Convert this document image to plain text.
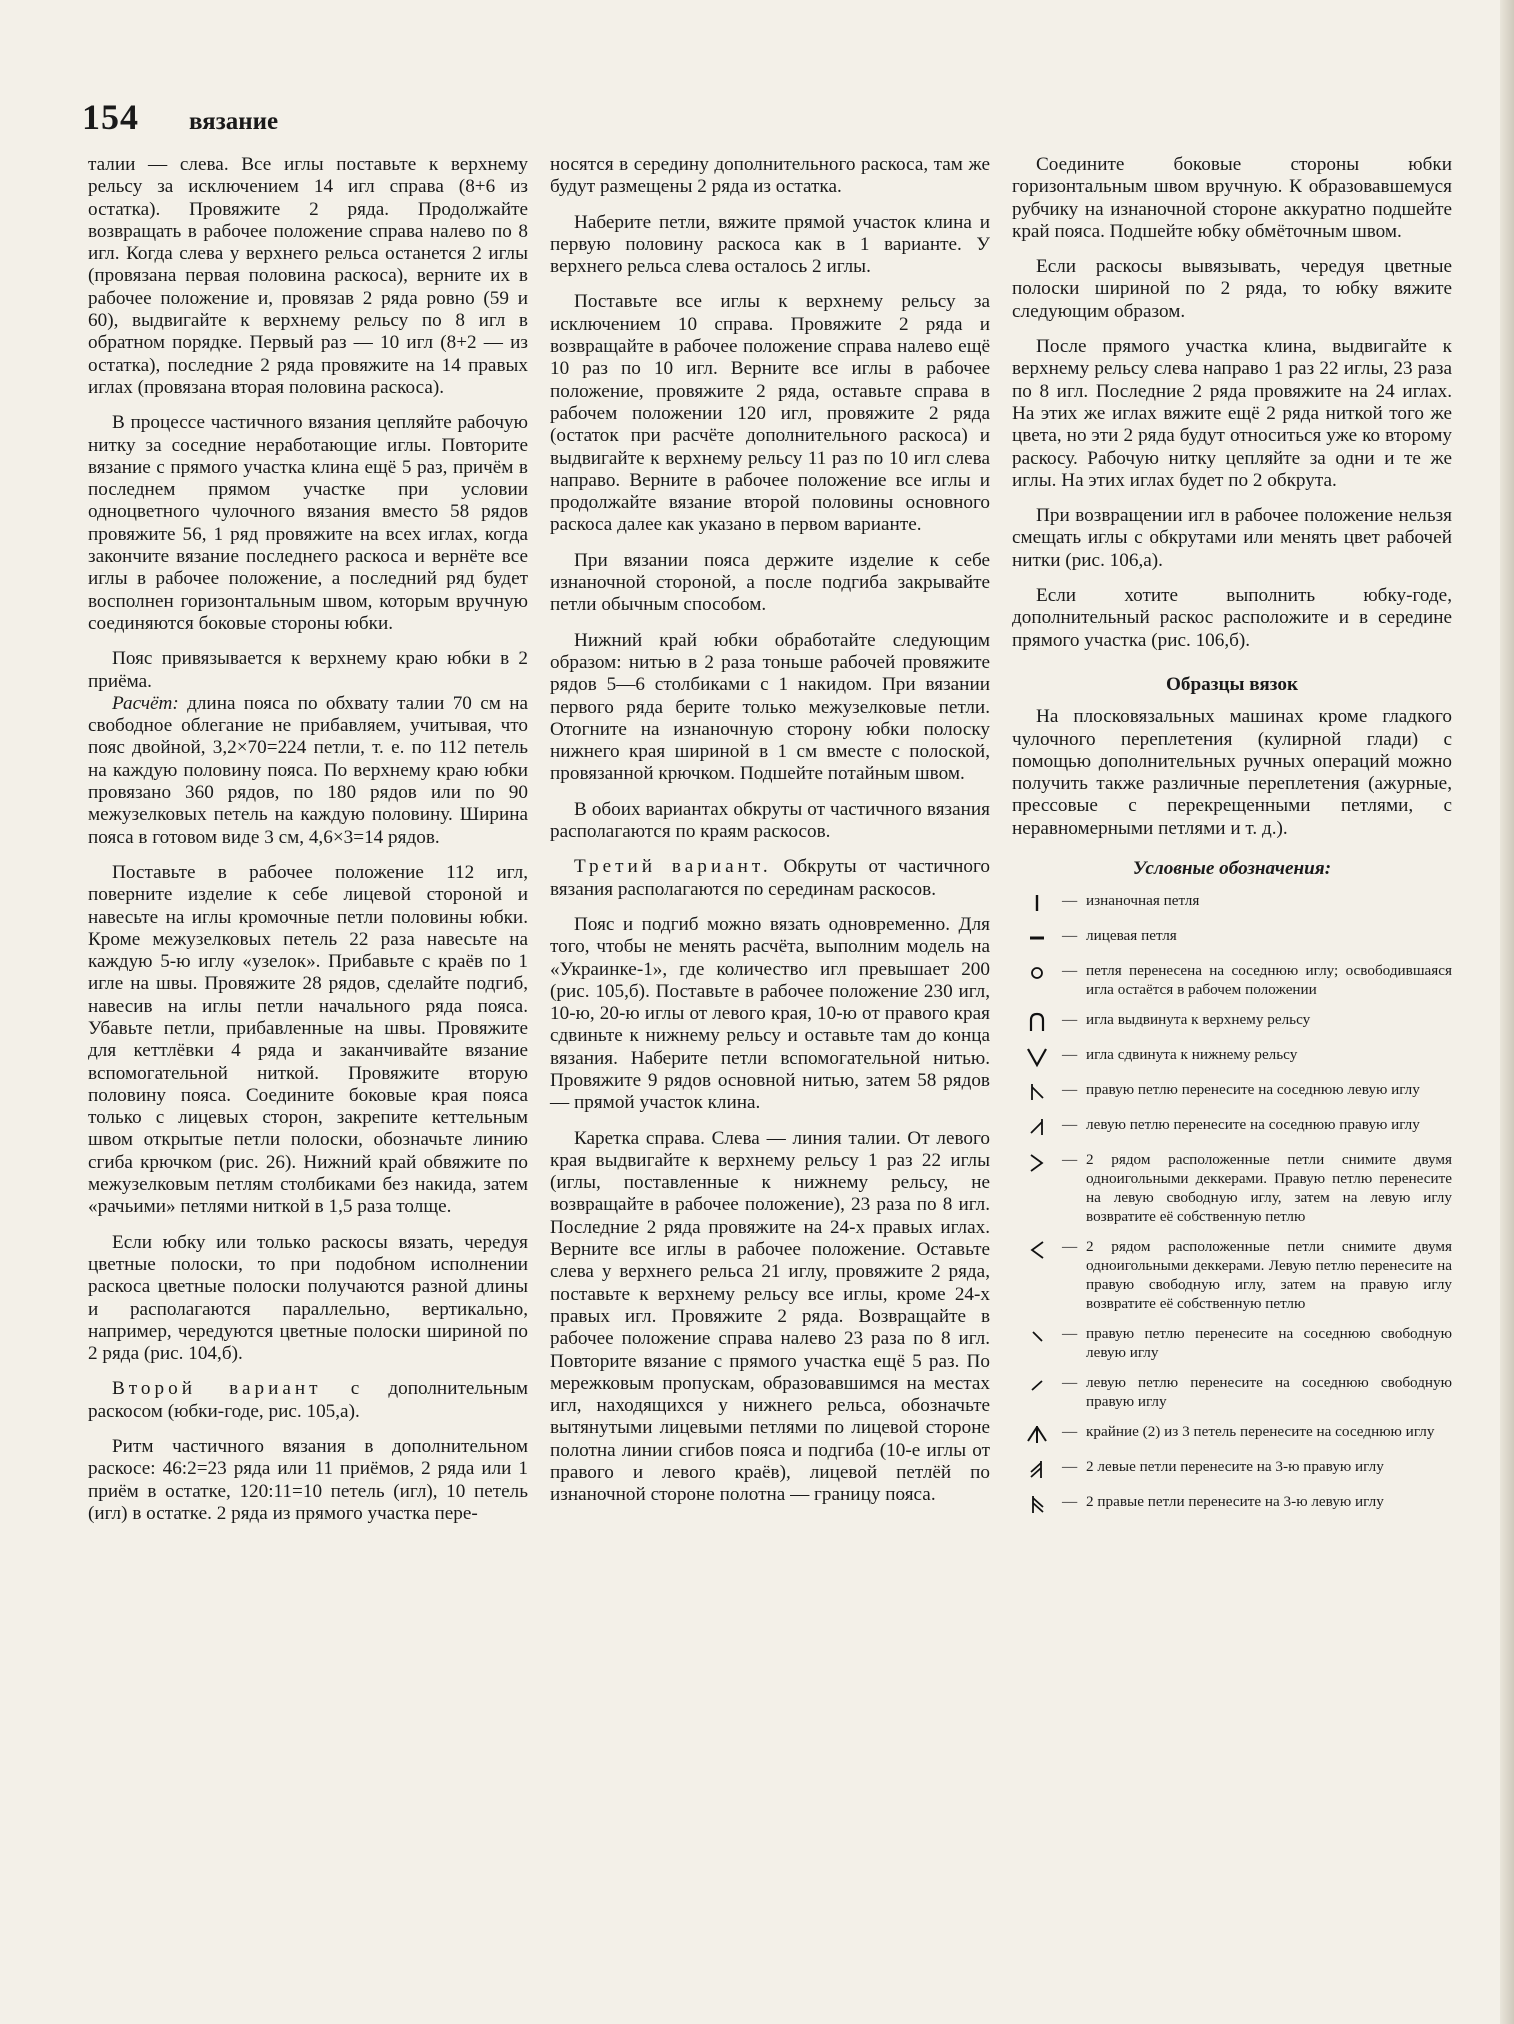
154 вязание

талии — слева. Все иглы поставьте к верхнему рельсу за исключением 14 игл справа (8+6 из остатка). Провяжите 2 ряда. Продолжайте возвращать в рабочее положение справа налево по 8 игл. Когда слева у верхнего рельса останется 2 иглы (провязана первая половина раскоса), верните их в рабочее положение и, провязав 2 ряда ровно (59 и 60), выдвигайте к верхнему рельсу по 8 игл в обратном порядке. Первый раз — 10 игл (8+2 — из остатка), последние 2 ряда провяжите на 14 правых иглах (провязана вторая половина раскоса).

В процессе частичного вязания цепляйте рабочую нитку за соседние неработающие иглы. Повторите вязание с прямого участка клина ещё 5 раз, причём в последнем прямом участке при условии одноцветного чулочного вязания вместо 58 рядов провяжите 56, 1 ряд провяжите на всех иглах, когда закончите вязание последнего раскоса и вернёте все иглы в рабочее положение, а последний ряд будет восполнен горизонтальным швом, которым вручную соединяются боковые стороны юбки.

Пояс привязывается к верхнему краю юбки в 2 приёма.

Расчёт: длина пояса по обхвату талии 70 см на свободное облегание не прибавляем, учитывая, что пояс двойной, 3,2×70=224 петли, т. е. по 112 петель на каждую половину пояса. По верхнему краю юбки провязано 360 рядов, по 180 рядов или по 90 межузелковых петель на каждую половину. Ширина пояса в готовом виде 3 см, 4,6×3=14 рядов.

Поставьте в рабочее положение 112 игл, поверните изделие к себе лицевой стороной и навесьте на иглы кромочные петли половины юбки. Кроме межузелковых петель 22 раза навесьте на каждую 5-ю иглу «узелок». Прибавьте с краёв по 1 игле на швы. Провяжите 28 рядов, сделайте подгиб, навесив на иглы петли начального ряда пояса. Убавьте петли, прибавленные на швы. Провяжите для кеттлёвки 4 ряда и заканчивайте вязание вспомогательной ниткой. Провяжите вторую половину пояса. Соедините боковые края пояса только с лицевых сторон, закрепите кеттельным швом открытые петли полоски, обозначьте линию сгиба крючком (рис. 26). Нижний край обвяжите по межузелковым петлям столбиками без накида, затем «рачьими» петлями ниткой в 1,5 раза толще.

Если юбку или только раскосы вязать, чередуя цветные полоски, то при подобном исполнении раскоса цветные полоски получаются разной длины и располагаются параллельно, вертикально, например, чередуются цветные полоски шириной по 2 ряда (рис. 104,б).

Второй вариант с дополнительным раскосом (юбки-годе, рис. 105,а).

Ритм частичного вязания в дополнительном раскосе: 46:2=23 ряда или 11 приёмов, 2 ряда или 1 приём в остатке, 120:11=10 петель (игл), 10 петель (игл) в остатке. 2 ряда из прямого участка пере-

носятся в середину дополнительного раскоса, там же будут размещены 2 ряда из остатка.

Наберите петли, вяжите прямой участок клина и первую половину раскоса как в 1 варианте. У верхнего рельса слева осталось 2 иглы.

Поставьте все иглы к верхнему рельсу за исключением 10 справа. Провяжите 2 ряда и возвращайте в рабочее положение справа налево ещё 10 раз по 10 игл. Верните все иглы в рабочее положение, провяжите 2 ряда, оставьте справа в рабочем положении 120 игл, провяжите 2 ряда (остаток при расчёте дополнительного раскоса) и выдвигайте к верхнему рельсу 11 раз по 10 игл слева направо. Верните в рабочее положение все иглы и продолжайте вязание второй половины основного раскоса далее как указано в первом варианте.

При вязании пояса держите изделие к себе изнаночной стороной, а после подгиба закрывайте петли обычным способом.

Нижний край юбки обработайте следующим образом: нитью в 2 раза тоньше рабочей провяжите рядов 5—6 столбиками с 1 накидом. При вязании первого ряда берите только межузелковые петли. Отогните на изнаночную сторону юбки полоску нижнего края шириной в 1 см вместе с полоской, провязанной крючком. Подшейте потайным швом.

В обоих вариантах обкруты от частичного вязания располагаются по краям раскосов.

Третий вариант. Обкруты от частичного вязания располагаются по серединам раскосов.

Пояс и подгиб можно вязать одновременно. Для того, чтобы не менять расчёта, выполним модель на «Украинке-1», где количество игл превышает 200 (рис. 105,б). Поставьте в рабочее положение 230 игл, 10-ю, 20-ю иглы от левого края, 10-ю от правого края сдвиньте к нижнему рельсу и оставьте там до конца вязания. Наберите петли вспомогательной нитью. Провяжите 9 рядов основной нитью, затем 58 рядов — прямой участок клина.

Каретка справа. Слева — линия талии. От левого края выдвигайте к верхнему рельсу 1 раз 22 иглы (иглы, поставленные к нижнему рельсу, не возвращайте в рабочее положение), 23 раза по 8 игл. Последние 2 ряда провяжите на 24-х правых иглах. Верните все иглы в рабочее положение. Оставьте слева у верхнего рельса 21 иглу, провяжите 2 ряда, поставьте к верхнему рельсу все иглы, кроме 24-х правых игл. Провяжите 2 ряда. Возвращайте в рабочее положение справа налево 23 раза по 8 игл. Повторите вязание с прямого участка ещё 5 раз. По мережковым пропускам, образовавшимся на местах игл, находящихся у нижнего рельса, обозначьте вытянутыми лицевыми петлями по лицевой стороне полотна линии сгибов пояса и подгиба (10-е иглы от правого и левого краёв), лицевой петлёй по изнаночной стороне полотна — границу пояса.

Соедините боковые стороны юбки горизонтальным швом вручную. К образовавшемуся рубчику на изнаночной стороне аккуратно подшейте край пояса. Подшейте юбку обмёточным швом.

Если раскосы вывязывать, чередуя цветные полоски шириной по 2 ряда, то юбку вяжите следующим образом.

После прямого участка клина, выдвигайте к верхнему рельсу слева направо 1 раз 22 иглы, 23 раза по 8 игл. Последние 2 ряда провяжите на 24 иглах. На этих же иглах вяжите ещё 2 ряда ниткой того же цвета, но эти 2 ряда будут относиться уже ко второму раскосу. Рабочую нитку цепляйте за одни и те же иглы. На этих иглах будет по 2 обкрута.

При возвращении игл в рабочее положение нельзя смещать иглы с обкрутами или менять цвет рабочей нитки (рис. 106,а).

Если хотите выполнить юбку-годе, дополнительный раскос расположите и в середине прямого участка (рис. 106,б).

Образцы вязок

На плосковязальных машинах кроме гладкого чулочного переплетения (кулирной глади) с помощью дополнительных ручных операций можно получить также различные переплетения (ажурные, прессовые с перекрещенными петлями, с неравномерными петлями и т. д.).

Условные обозначения:

— изнаночная петля
— лицевая петля
— петля перенесена на соседнюю иглу; освободившаяся игла остаётся в рабочем положении
— игла выдвинута к верхнему рельсу
— игла сдвинута к нижнему рельсу
— правую петлю перенесите на соседнюю левую иглу
— левую петлю перенесите на соседнюю правую иглу
— 2 рядом расположенные петли снимите двумя одноигольными деккерами. Правую петлю перенесите на левую свободную иглу, затем на левую иглу возвратите её собственную петлю
— 2 рядом расположенные петли снимите двумя одноигольными деккерами. Левую петлю перенесите на правую свободную иглу, затем на правую иглу возвратите её собственную петлю
— правую петлю перенесите на соседнюю свободную левую иглу
— левую петлю перенесите на соседнюю свободную правую иглу
— крайние (2) из 3 петель перенесите на соседнюю иглу
— 2 левые петли перенесите на 3-ю правую иглу
— 2 правые петли перенесите на 3-ю левую иглу
